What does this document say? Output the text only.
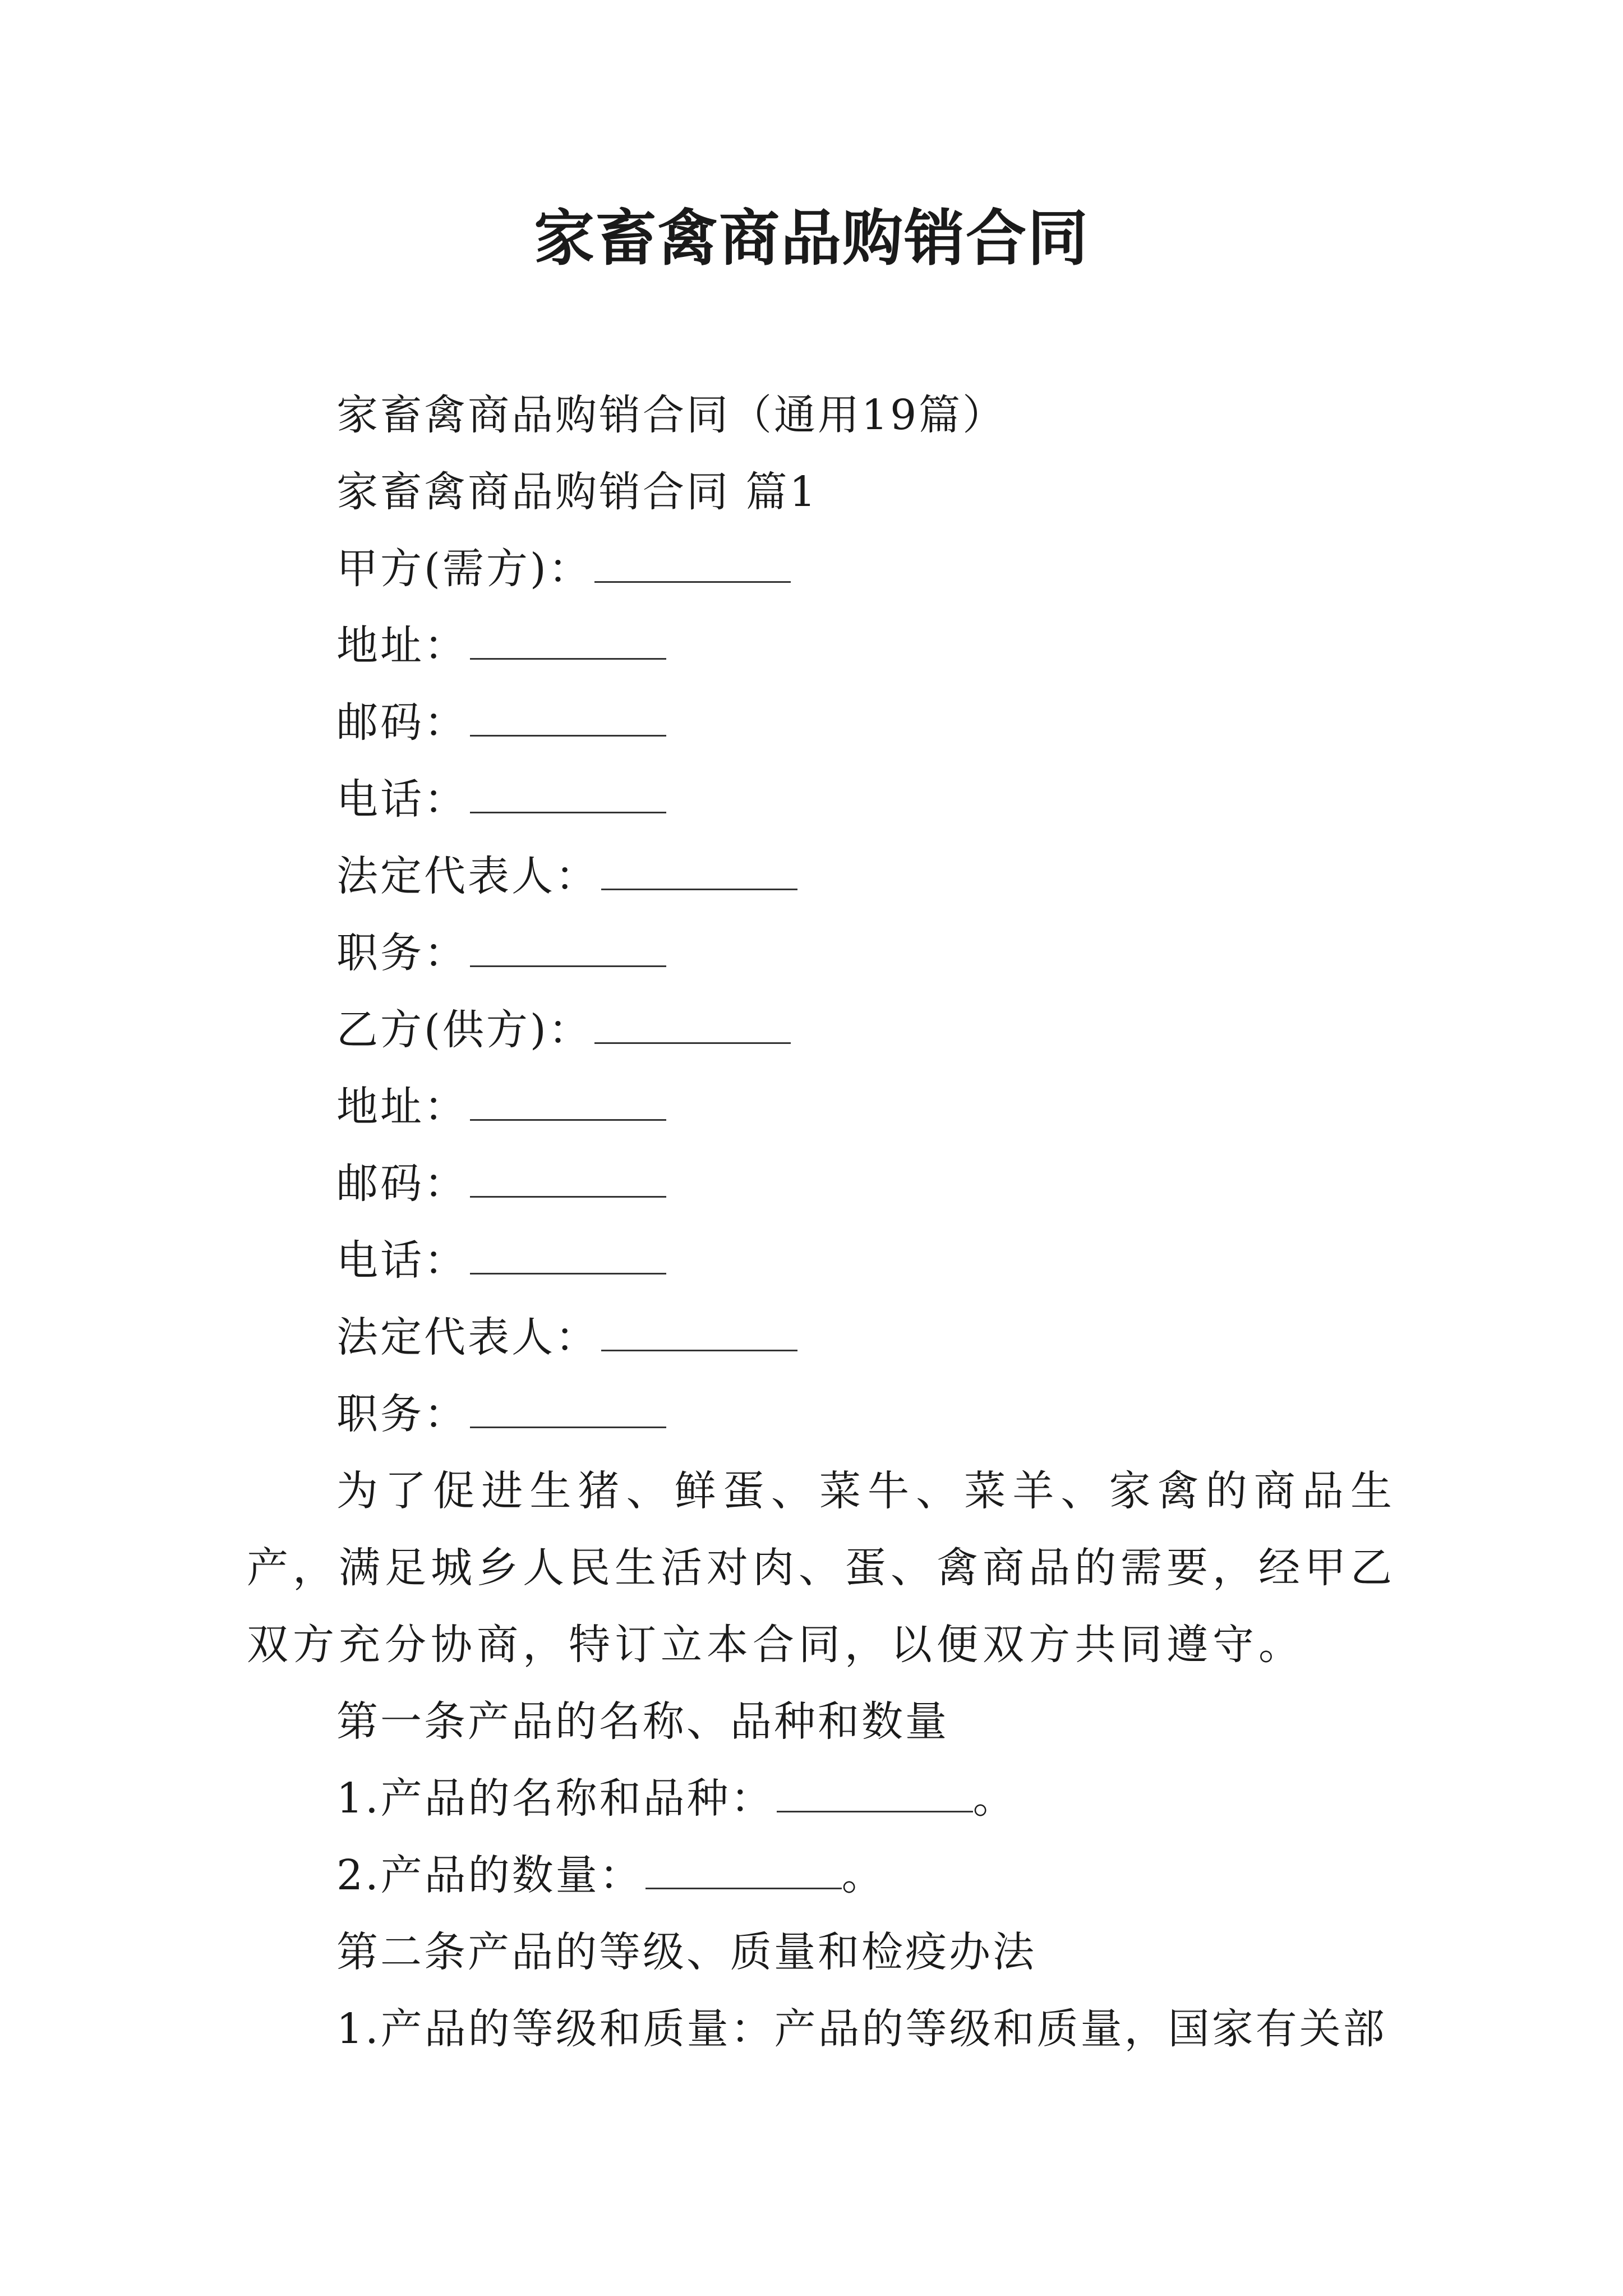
家畜禽商品购销合同
家畜禽商品购销合同（通用19篇）
家畜禽商品购销合同 篇1
甲方(需方)：
地址：
邮码：
电话：
法定代表人：
职务：
乙方(供方)：
地址：
邮码：
电话：
法定代表人：
职务：
为了促进生猪、鲜蛋、菜牛、菜羊、家禽的商品生产，满足城乡人民生活对肉、蛋、禽商品的需要，经甲乙双方充分协商，特订立本合同，以便双方共同遵守。
第一条产品的名称、品种和数量
1.产品的名称和品种：	。
2.产品的数量：	。
第二条产品的等级、质量和检疫办法
1.产品的等级和质量：产品的等级和质量，国家有关部
